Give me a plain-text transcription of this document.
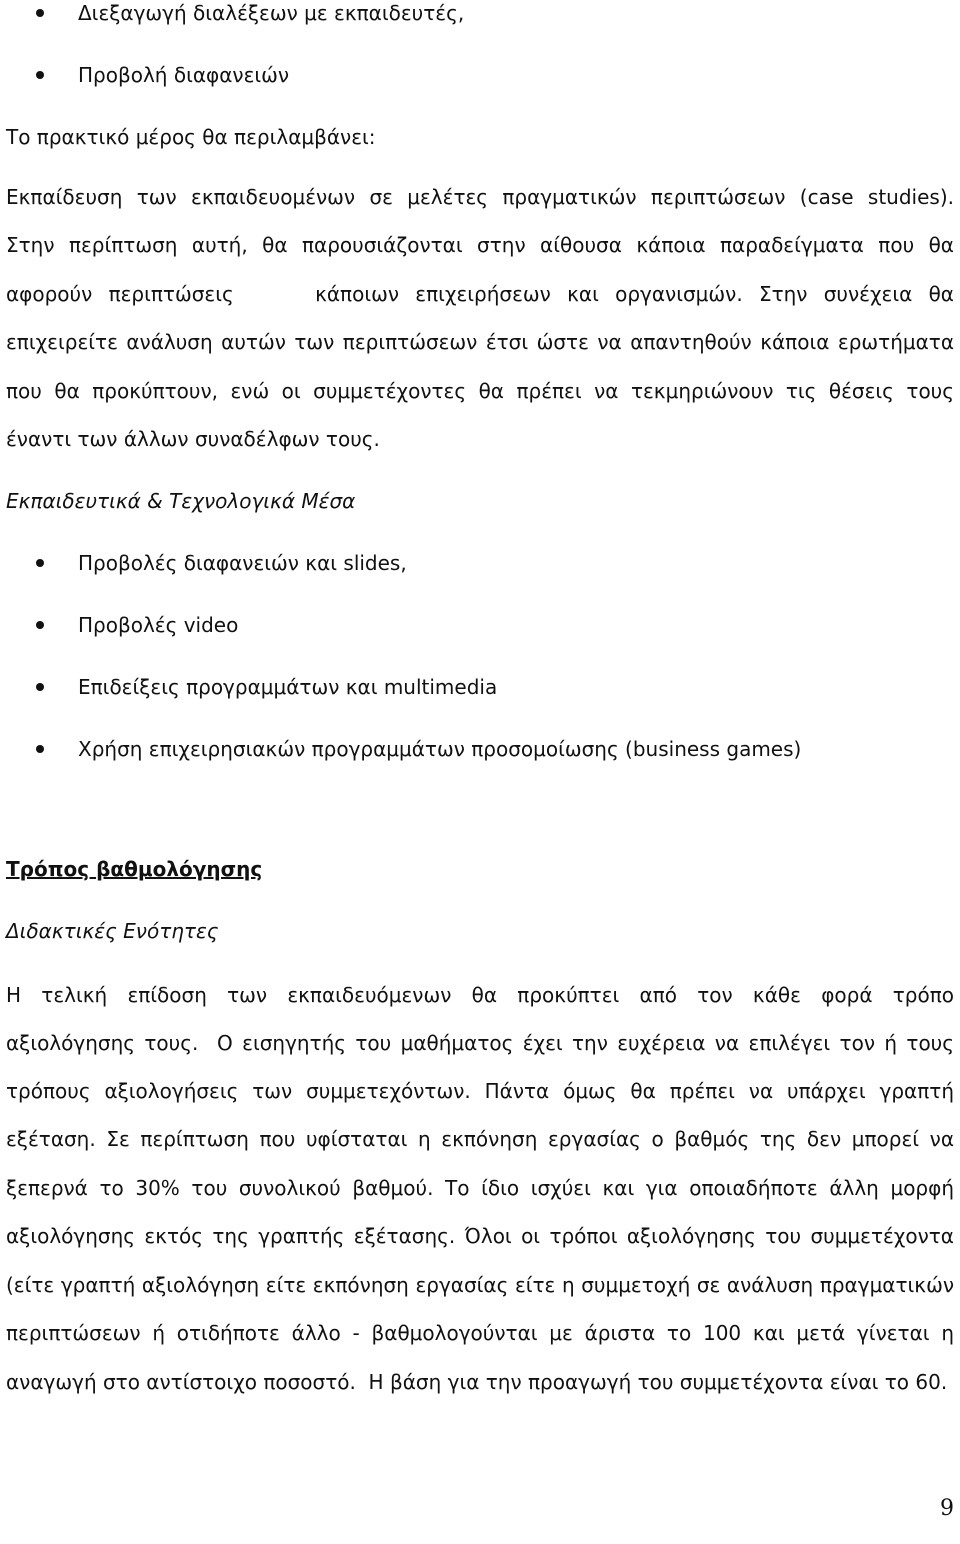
Διεξαγωγή διαλέξεων με εκπαιδευτές,
Προβολή διαφανειών
Το πρακτικό μέρος θα περιλαμβάνει:
Εκπαίδευση των εκπαιδευομένων σε μελέτες πραγματικών περιπτώσεων (case studies).
Στην περίπτωση αυτή, θα παρουσιάζονται στην αίθουσα κάποια παραδείγματα που θα
αφορούν περιπτώσεις     κάποιων επιχειρήσεων και οργανισμών. Στην συνέχεια θα
επιχειρείτε ανάλυση αυτών των περιπτώσεων έτσι ώστε να απαντηθούν κάποια ερωτήματα
που θα προκύπτουν, ενώ οι συμμετέχοντες θα πρέπει να τεκμηριώνουν τις θέσεις τους
έναντι των άλλων συναδέλφων τους.
Εκπαιδευτικά & Τεχνολογικά Μέσα
Προβολές διαφανειών και slides,
Προβολές video
Επιδείξεις προγραμμάτων και multimedia
Χρήση επιχειρησιακών προγραμμάτων προσομοίωσης (business games)
Τρόπος βαθμολόγησης
Διδακτικές Ενότητες
Η τελική επίδοση των εκπαιδευόμενων θα προκύπτει από τον κάθε φορά τρόπο
αξιολόγησης τους.  Ο εισηγητής του μαθήματος έχει την ευχέρεια να επιλέγει τον ή τους
τρόπους αξιολογήσεις των συμμετεχόντων. Πάντα όμως θα πρέπει να υπάρχει γραπτή
εξέταση. Σε περίπτωση που υφίσταται η εκπόνηση εργασίας ο βαθμός της δεν μπορεί να
ξεπερνά το 30% του συνολικού βαθμού. Το ίδιο ισχύει και για οποιαδήποτε άλλη μορφή
αξιολόγησης εκτός της γραπτής εξέτασης. Όλοι οι τρόποι αξιολόγησης του συμμετέχοντα
(είτε γραπτή αξιολόγηση είτε εκπόνηση εργασίας είτε η συμμετοχή σε ανάλυση πραγματικών
περιπτώσεων ή οτιδήποτε άλλο - βαθμολογούνται με άριστα το 100 και μετά γίνεται η
αναγωγή στο αντίστοιχο ποσοστό.  Η βάση για την προαγωγή του συμμετέχοντα είναι το 60.
9
